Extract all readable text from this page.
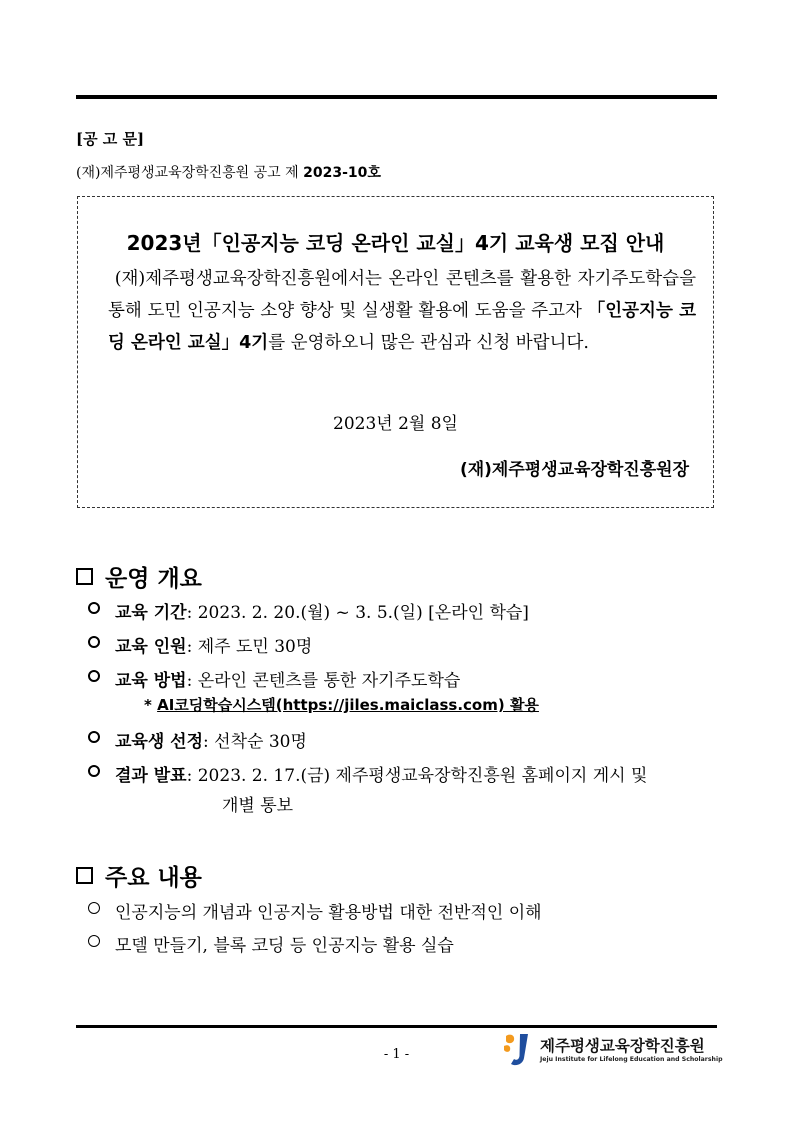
[공 고 문]
(재)제주평생교육장학진흥원 공고 제 2023-10호
2023년「인공지능 코딩 온라인 교실」4기 교육생 모집 안내
(재)제주평생교육장학진흥원에서는 온라인 콘텐츠를 활용한 자기주도학습을 통해 도민 인공지능 소양 향상 및 실생활 활용에 도움을 주고자 「인공지능 코딩 온라인 교실」4기를 운영하오니 많은 관심과 신청 바랍니다.
2023년 2월 8일
(재)제주평생교육장학진흥원장
운영 개요
교육 기간 : 2023. 2. 20.(월) ~ 3. 5.(일) [온라인 학습]
교육 인원 : 제주 도민 30명
교육 방법 : 온라인 콘텐츠를 통한 자기주도학습
* AI코딩학습시스템(https://jiles.maiclass.com) 활용
교육생 선정 : 선착순 30명
결과 발표 : 2023. 2. 17.(금) 제주평생교육장학진흥원 홈페이지 게시 및
개별 통보
주요 내용
인공지능의 개념과 인공지능 활용방법 대한 전반적인 이해
모델 만들기, 블록 코딩 등 인공지능 활용 실습
- 1 -	제주평생교육장학진흥원
Jeju Institute for Lifelong Education and Scholarship
